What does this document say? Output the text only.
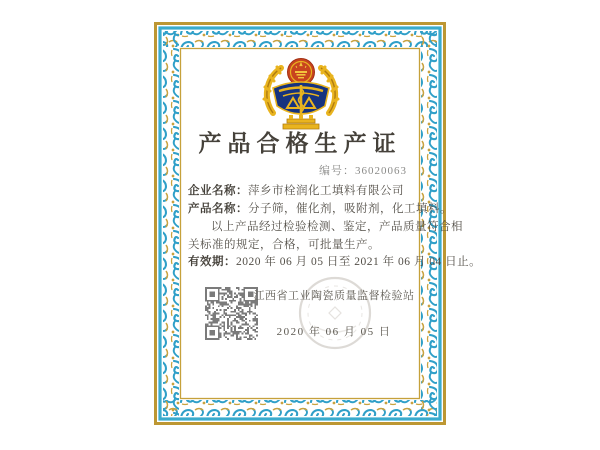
产品合格生产证
编号：36020063
企业名称：萍乡市栓润化工填料有限公司
产品名称：分子筛，催化剂，吸附剂，化工填料。
以上产品经过检验检测、鉴定，产品质量符合相
关标准的规定，合格，可批量生产。
有效期：2020 年 06 月 05 日至 2021 年 06 月 04 日止。
江西省工业陶瓷质量监督检验站
2020 年 06 月 05 日
